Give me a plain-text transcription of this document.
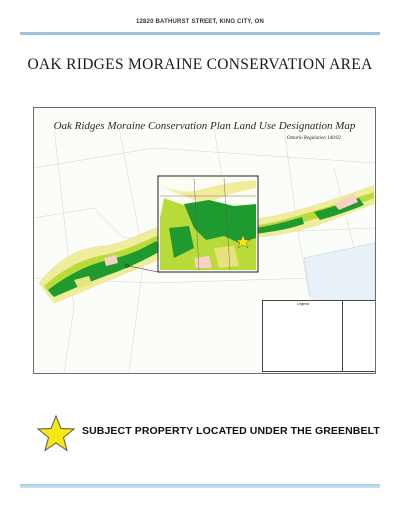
12820 BATHURST STREET, KING CITY, ON
OAK RIDGES MORAINE CONSERVATION AREA
Oak Ridges Moraine Conservation Plan Land Use Designation Map
Ontario Regulation 140/02
Legend
SUBJECT PROPERTY LOCATED UNDER THE GREENBELT
